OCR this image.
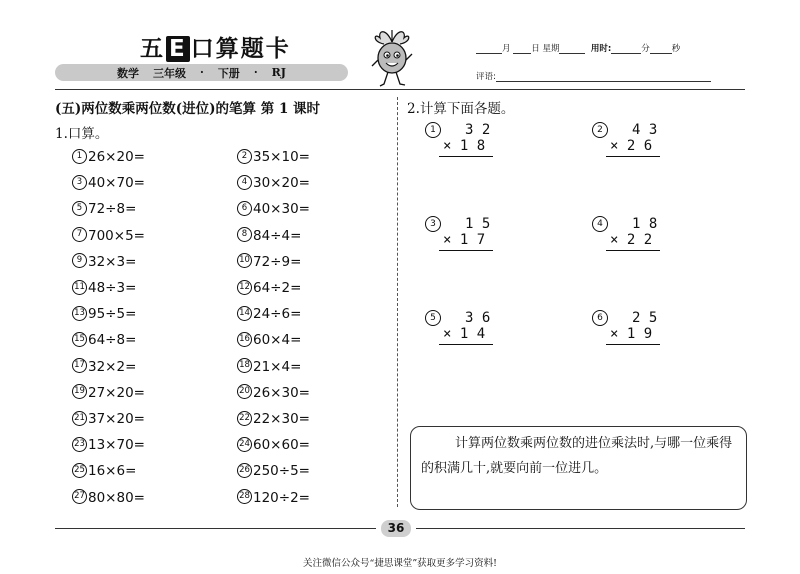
五 E 口算题卡
数学 三年级 · 下册 · RJ
月 日 星期	用时:	分	秒
评语:
(五)两位数乘两位数(进位)的笔算 第 1 课时
1.口算。
1 26×20=	2 35×10=
3 40×70=	4 30×20=
5 72÷8=	6 40×30=
7 700×5=	8 84÷4=
9 32×3=	10 72÷9=
11 48÷3=	12 64÷2=
13 95÷5=	14 24÷6=
15 64÷8=	16 60×4=
17 32×2=	18 21×4=
19 27×20=	20 26×30=
21 37×20=	22 22×30=
23 13×70=	24 60×60=
25 16×6=	26 250÷5=
27 80×80=	28 120÷2=
2.计算下面各题。
1	3 2
× 1 8
2	4 3
× 2 6
3	1 5
× 1 7
4	1 8
× 2 2
5	3 6
× 1 4
6	2 5
× 1 9
计算两位数乘两位数的进位乘法时,与哪一位乘得的积满几十,就要向前一位进几。
36
关注微信公众号“捷思课堂”获取更多学习资料!
